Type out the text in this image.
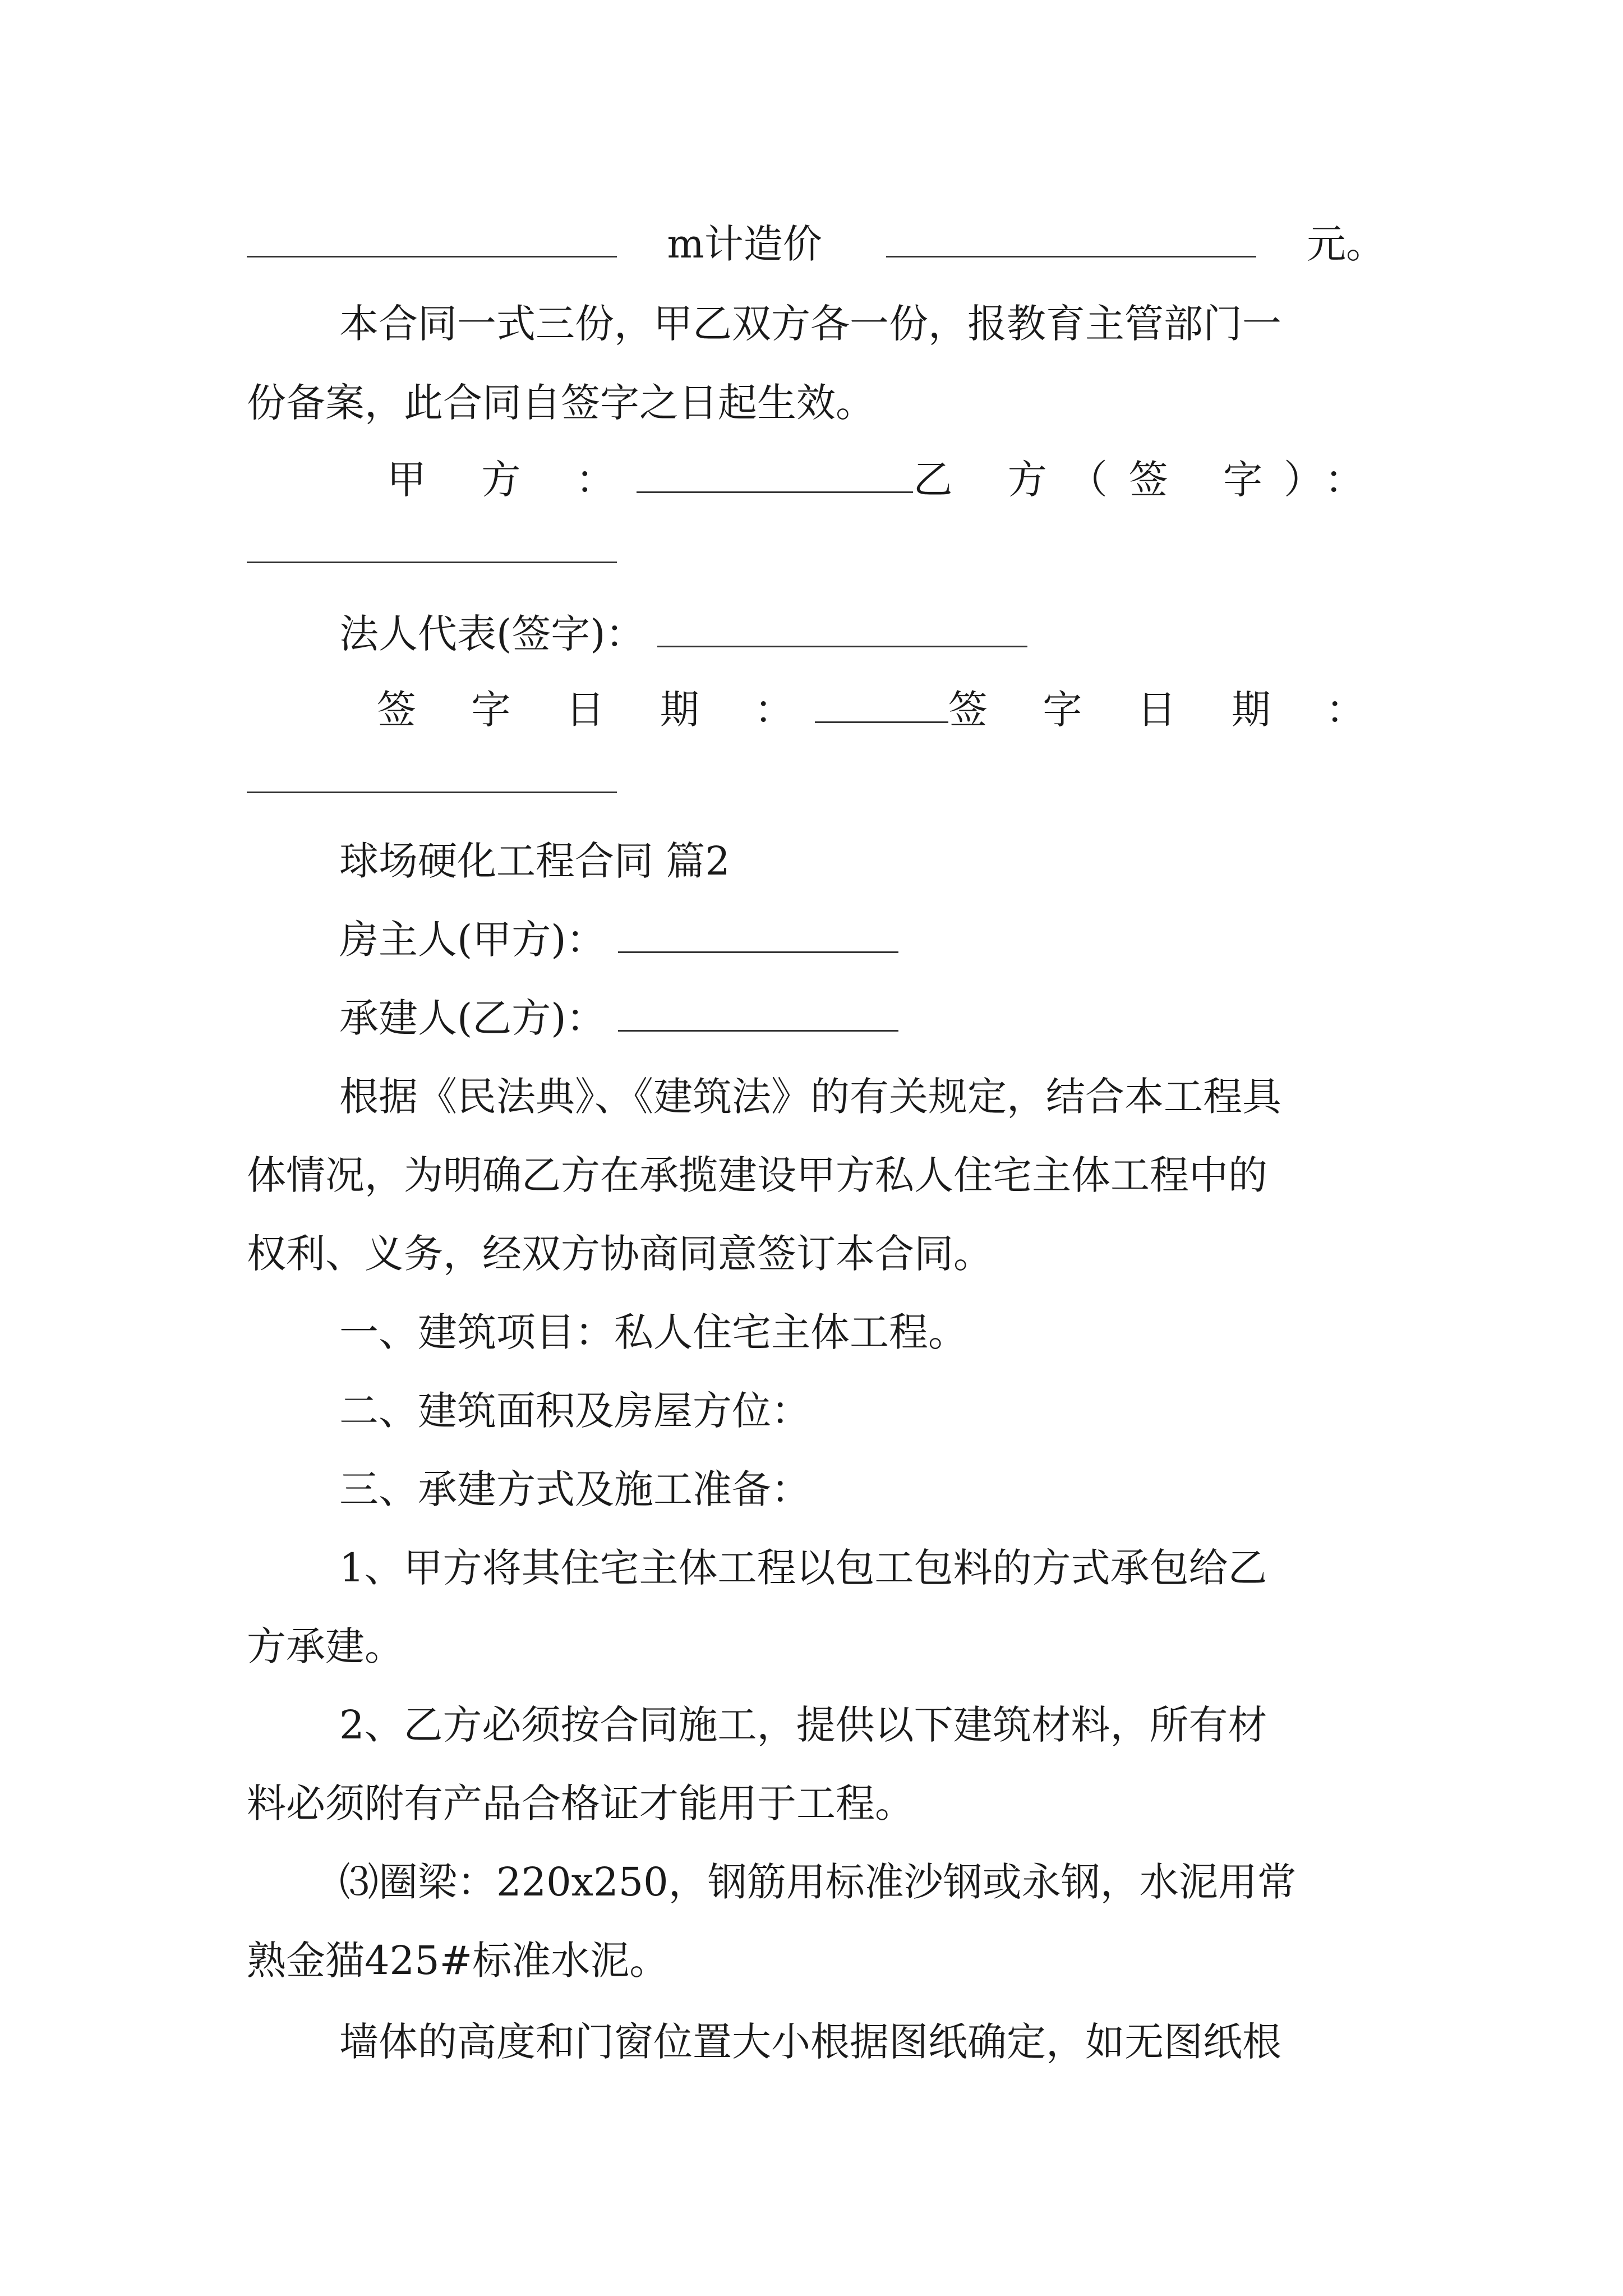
m计造价	元。
本合同一式三份，甲乙双方各一份，报教育主管部门一
份备案，此合同自签字之日起生效。
甲 方 ：	乙 方（签 字）：
法人代表(签字)：
签 字 日 期 ：	签 字 日 期 ：
球场硬化工程合同 篇2
房主人(甲方)：
承建人(乙方)：
根据《民法典》、《建筑法》的有关规定，结合本工程具
体情况，为明确乙方在承揽建设甲方私人住宅主体工程中的
权利、义务，经双方协商同意签订本合同。
一、建筑项目：私人住宅主体工程。
二、建筑面积及房屋方位：
三、承建方式及施工准备：
1、甲方将其住宅主体工程以包工包料的方式承包给乙
方承建。
2、乙方必须按合同施工，提供以下建筑材料，所有材
料必须附有产品合格证才能用于工程。
⑶圈梁：220x250，钢筋用标准沙钢或永钢，水泥用常
熟金猫425#标准水泥。
墙体的高度和门窗位置大小根据图纸确定，如无图纸根
